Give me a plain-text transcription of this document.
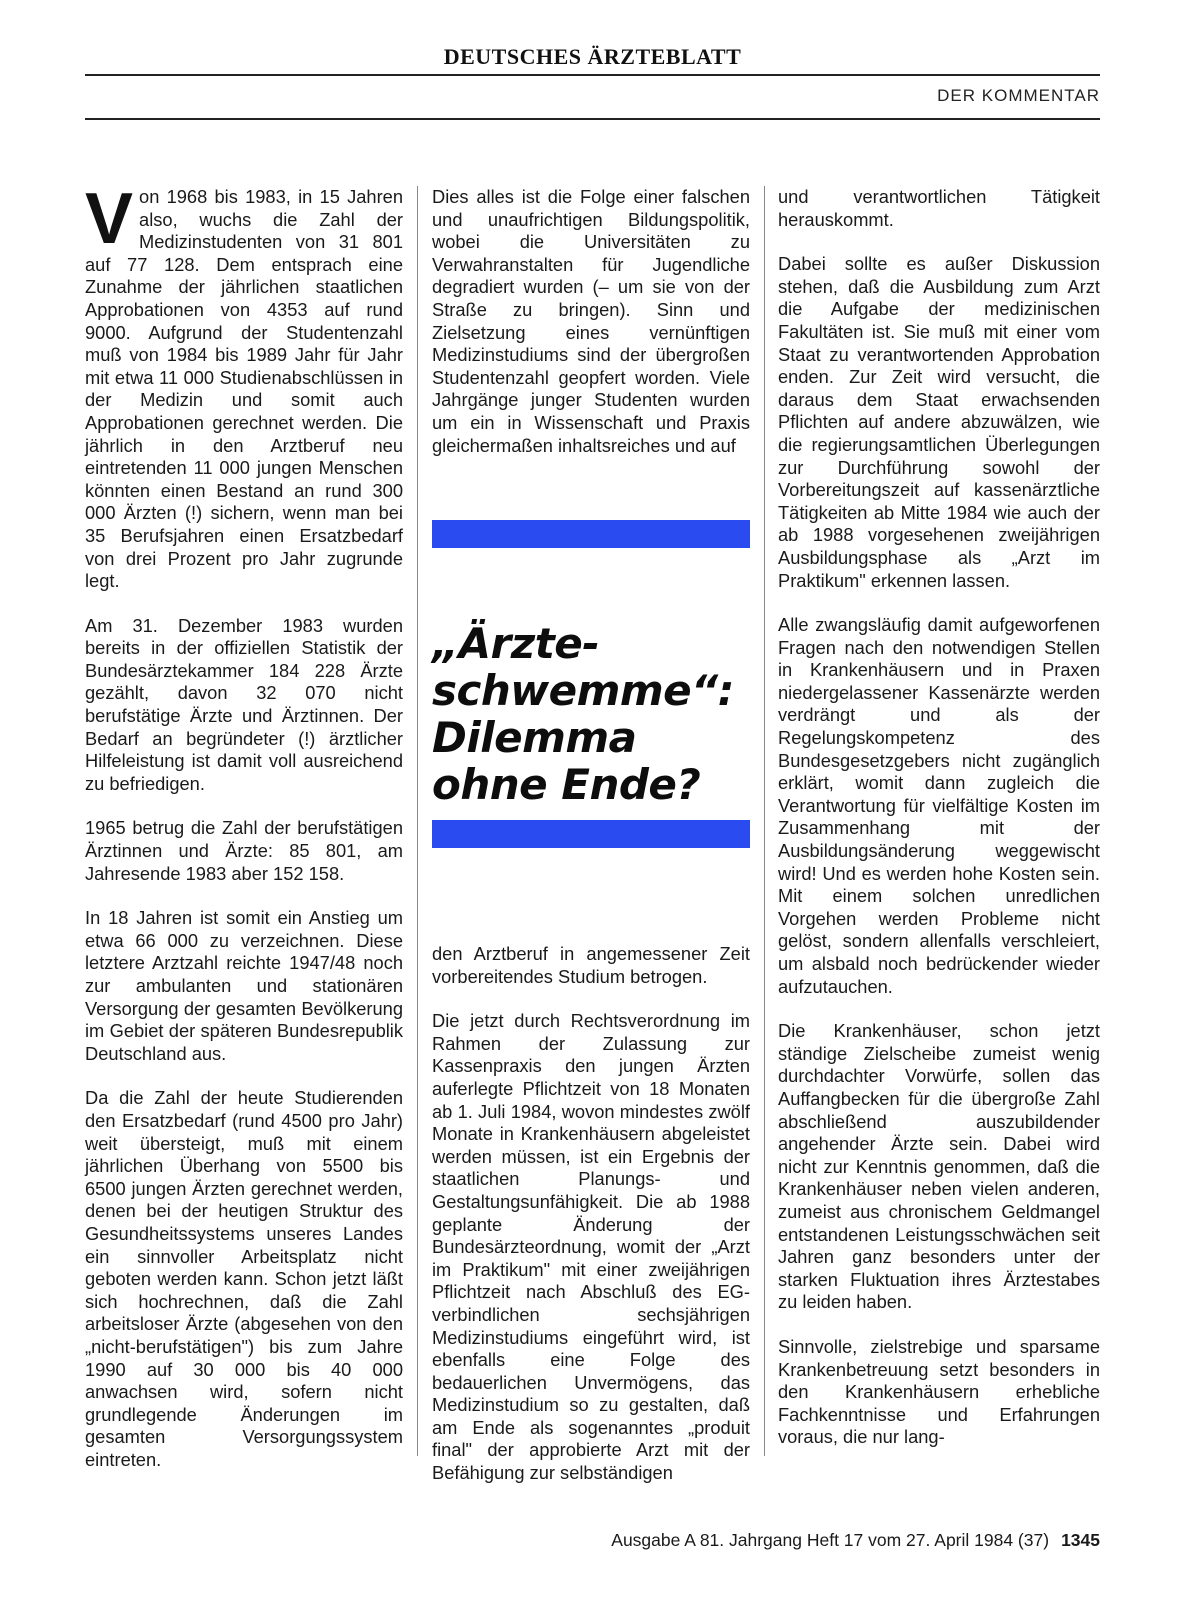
DEUTSCHES ÄRZTEBLATT
DER KOMMENTAR

Von 1968 bis 1983, in 15 Jahren also, wuchs die Zahl der Medizinstudenten von 31 801 auf 77 128. Dem entsprach eine Zunahme der jährlichen staatlichen Approbationen von 4353 auf rund 9000. Aufgrund der Studentenzahl muß von 1984 bis 1989 Jahr für Jahr mit etwa 11 000 Studienabschlüssen in der Medizin und somit auch Approbationen gerechnet werden. Die jährlich in den Arztberuf neu eintretenden 11 000 jungen Menschen könnten einen Bestand an rund 300 000 Ärzten (!) sichern, wenn man bei 35 Berufsjahren einen Ersatzbedarf von drei Prozent pro Jahr zugrunde legt.

Am 31. Dezember 1983 wurden bereits in der offiziellen Statistik der Bundesärztekammer 184 228 Ärzte gezählt, davon 32 070 nicht berufstätige Ärzte und Ärztinnen. Der Bedarf an begründeter (!) ärztlicher Hilfeleistung ist damit voll ausreichend zu befriedigen.

1965 betrug die Zahl der berufstätigen Ärztinnen und Ärzte: 85 801, am Jahresende 1983 aber 152 158.

In 18 Jahren ist somit ein Anstieg um etwa 66 000 zu verzeichnen. Diese letztere Arztzahl reichte 1947/48 noch zur ambulanten und stationären Versorgung der gesamten Bevölkerung im Gebiet der späteren Bundesrepublik Deutschland aus.

Da die Zahl der heute Studierenden den Ersatzbedarf (rund 4500 pro Jahr) weit übersteigt, muß mit einem jährlichen Überhang von 5500 bis 6500 jungen Ärzten gerechnet werden, denen bei der heutigen Struktur des Gesundheitssystems unseres Landes ein sinnvoller Arbeitsplatz nicht geboten werden kann. Schon jetzt läßt sich hochrechnen, daß die Zahl arbeitsloser Ärzte (abgesehen von den „nicht-berufstätigen") bis zum Jahre 1990 auf 30 000 bis 40 000 anwachsen wird, sofern nicht grundlegende Änderungen im gesamten Versorgungssystem eintreten.

Dies alles ist die Folge einer falschen und unaufrichtigen Bildungspolitik, wobei die Universitäten zu Verwahranstalten für Jugendliche degradiert wurden (– um sie von der Straße zu bringen). Sinn und Zielsetzung eines vernünftigen Medizinstudiums sind der übergroßen Studentenzahl geopfert worden. Viele Jahrgänge junger Studenten wurden um ein in Wissenschaft und Praxis gleichermaßen inhaltsreiches und auf

„Ärzte-
schwemme“:
Dilemma
ohne Ende?

den Arztberuf in angemessener Zeit vorbereitendes Studium betrogen.

Die jetzt durch Rechtsverordnung im Rahmen der Zulassung zur Kassenpraxis den jungen Ärzten auferlegte Pflichtzeit von 18 Monaten ab 1. Juli 1984, wovon mindestes zwölf Monate in Krankenhäusern abgeleistet werden müssen, ist ein Ergebnis der staatlichen Planungs- und Gestaltungsunfähigkeit. Die ab 1988 geplante Änderung der Bundesärzteordnung, womit der „Arzt im Praktikum" mit einer zweijährigen Pflichtzeit nach Abschluß des EG-verbindlichen sechsjährigen Medizinstudiums eingeführt wird, ist ebenfalls eine Folge des bedauerlichen Unvermögens, das Medizinstudium so zu gestalten, daß am Ende als sogenanntes „produit final" der approbierte Arzt mit der Befähigung zur selbständigen

und verantwortlichen Tätigkeit herauskommt.

Dabei sollte es außer Diskussion stehen, daß die Ausbildung zum Arzt die Aufgabe der medizinischen Fakultäten ist. Sie muß mit einer vom Staat zu verantwortenden Approbation enden. Zur Zeit wird versucht, die daraus dem Staat erwachsenden Pflichten auf andere abzuwälzen, wie die regierungsamtlichen Überlegungen zur Durchführung sowohl der Vorbereitungszeit auf kassenärztliche Tätigkeiten ab Mitte 1984 wie auch der ab 1988 vorgesehenen zweijährigen Ausbildungsphase als „Arzt im Praktikum" erkennen lassen.

Alle zwangsläufig damit aufgeworfenen Fragen nach den notwendigen Stellen in Krankenhäusern und in Praxen niedergelassener Kassenärzte werden verdrängt und als der Regelungskompetenz des Bundesgesetzgebers nicht zugänglich erklärt, womit dann zugleich die Verantwortung für vielfältige Kosten im Zusammenhang mit der Ausbildungsänderung weggewischt wird! Und es werden hohe Kosten sein. Mit einem solchen unredlichen Vorgehen werden Probleme nicht gelöst, sondern allenfalls verschleiert, um alsbald noch bedrückender wieder aufzutauchen.

Die Krankenhäuser, schon jetzt ständige Zielscheibe zumeist wenig durchdachter Vorwürfe, sollen das Auffangbecken für die übergroße Zahl abschließend auszubildender angehender Ärzte sein. Dabei wird nicht zur Kenntnis genommen, daß die Krankenhäuser neben vielen anderen, zumeist aus chronischem Geldmangel entstandenen Leistungsschwächen seit Jahren ganz besonders unter der starken Fluktuation ihres Ärztestabes zu leiden haben.

Sinnvolle, zielstrebige und sparsame Krankenbetreuung setzt besonders in den Krankenhäusern erhebliche Fachkenntnisse und Erfahrungen voraus, die nur lang-

Ausgabe A 81. Jahrgang Heft 17 vom 27. April 1984 (37) 1345
